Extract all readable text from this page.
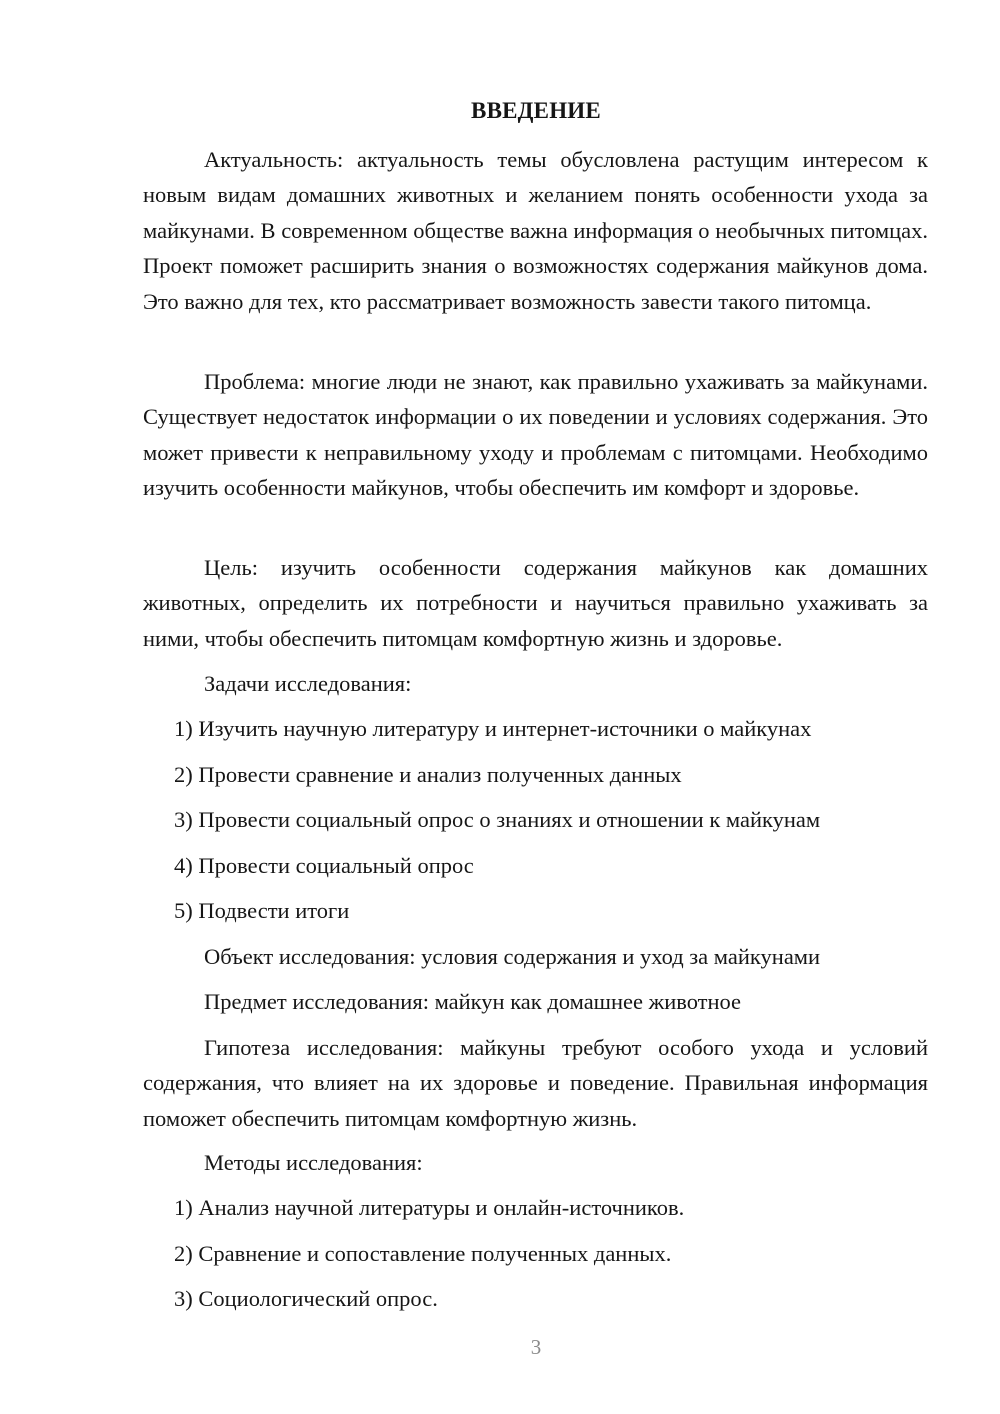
ВВЕДЕНИЕ

Актуальность: актуальность темы обусловлена растущим интересом к новым видам домашних животных и желанием понять особенности ухода за майкунами. В современном обществе важна информация о необычных питомцах. Проект поможет расширить знания о возможностях содержания майкунов дома. Это важно для тех, кто рассматривает возможность завести такого питомца.

Проблема: многие люди не знают, как правильно ухаживать за майкунами. Существует недостаток информации о их поведении и условиях содержания. Это может привести к неправильному уходу и проблемам с питомцами. Необходимо изучить особенности майкунов, чтобы обеспечить им комфорт и здоровье.

Цель: изучить особенности содержания майкунов как домашних животных, определить их потребности и научиться правильно ухаживать за ними, чтобы обеспечить питомцам комфортную жизнь и здоровье.

Задачи исследования:

1) Изучить научную литературу и интернет-источники о майкунах

2) Провести сравнение и анализ полученных данных

3) Провести социальный опрос о знаниях и отношении к майкунам

4) Провести социальный опрос

5) Подвести итоги

Объект исследования: условия содержания и уход за майкунами

Предмет исследования: майкун как домашнее животное

Гипотеза исследования: майкуны требуют особого ухода и условий содержания, что влияет на их здоровье и поведение. Правильная информация поможет обеспечить питомцам комфортную жизнь.

Методы исследования:

1) Анализ научной литературы и онлайн-источников.

2) Сравнение и сопоставление полученных данных.

3) Социологический опрос.

3
